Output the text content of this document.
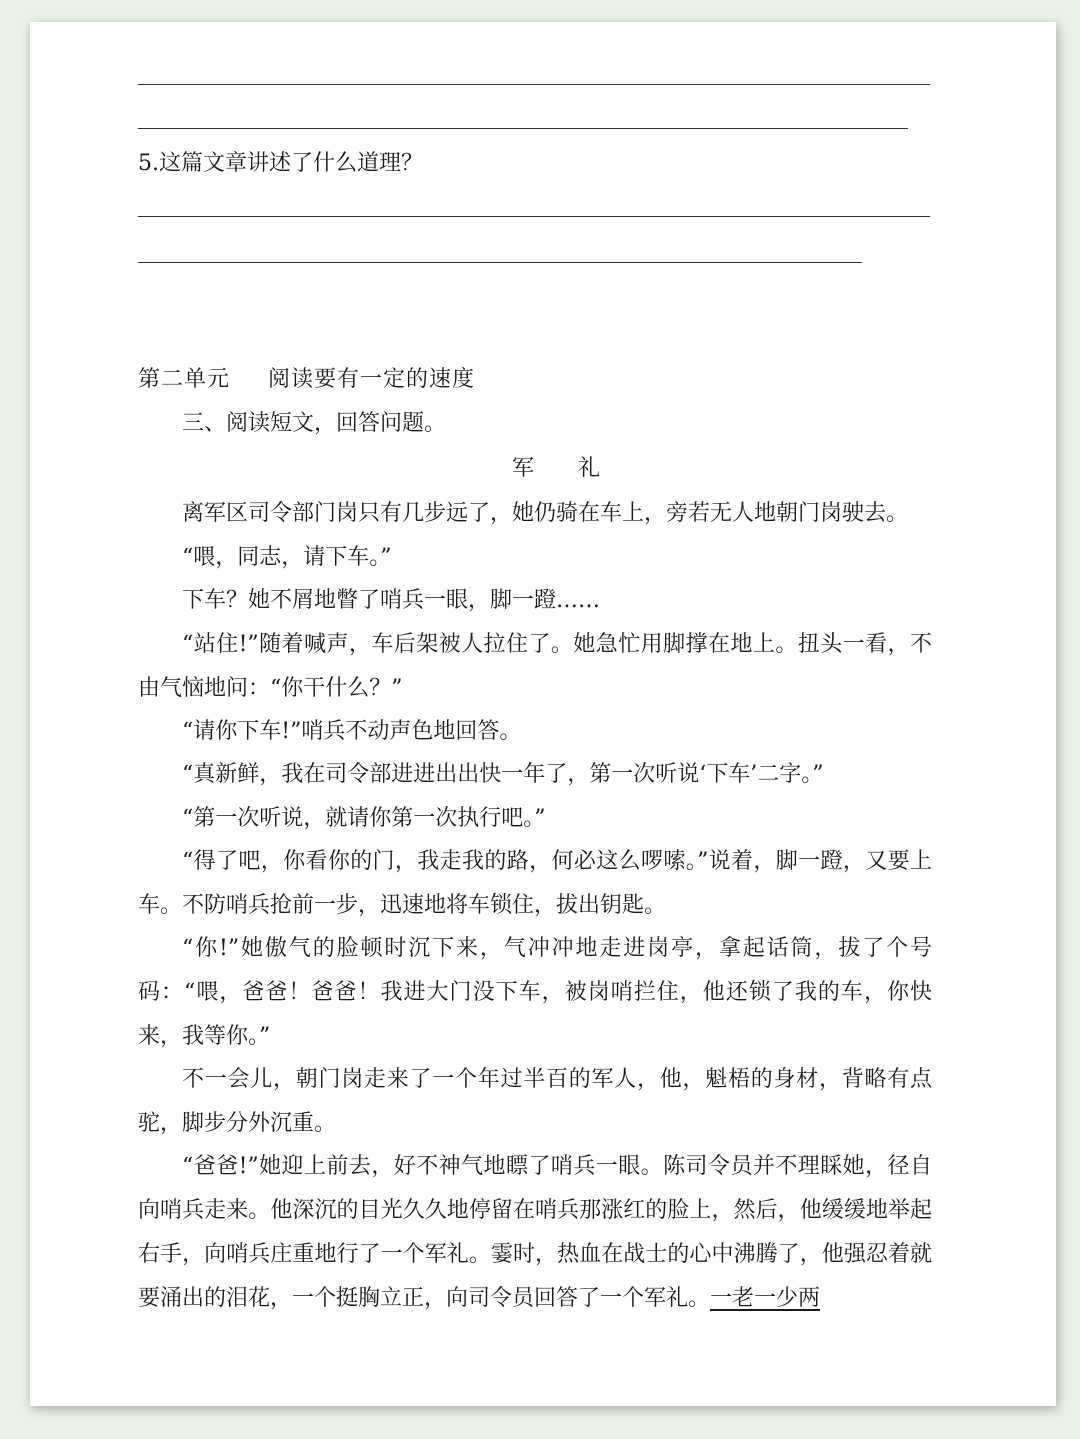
5.这篇文章讲述了什么道理？
第二单元 阅读要有一定的速度
三、阅读短文，回答问题。
军 礼
离军区司令部门岗只有几步远了，她仍骑在车上，旁若无人地朝门岗驶去。
“喂，同志，请下车。”
下车？她不屑地瞥了哨兵一眼，脚一蹬……
“站住!”随着喊声，车后架被人拉住了。她急忙用脚撑在地上。扭头一看，不由气恼地问：“你干什么？”
“请你下车!”哨兵不动声色地回答。
“真新鲜，我在司令部进进出出快一年了，第一次听说‘下车’二字。”
“第一次听说，就请你第一次执行吧。”
“得了吧，你看你的门，我走我的路，何必这么啰嗦。”说着，脚一蹬，又要上车。不防哨兵抢前一步，迅速地将车锁住，拔出钥匙。
“你!”她傲气的脸顿时沉下来，气冲冲地走进岗亭，拿起话筒，拔了个号码：“喂，爸爸！爸爸！我进大门没下车，被岗哨拦住，他还锁了我的车，你快来，我等你。”
不一会儿，朝门岗走来了一个年过半百的军人，他，魁梧的身材，背略有点驼，脚步分外沉重。
“爸爸!”她迎上前去，好不神气地瞟了哨兵一眼。陈司令员并不理睬她，径自向哨兵走来。他深沉的目光久久地停留在哨兵那涨红的脸上，然后，他缓缓地举起右手，向哨兵庄重地行了一个军礼。霎时，热血在战士的心中沸腾了，他强忍着就要涌出的泪花，一个挺胸立正，向司令员回答了一个军礼。一老一少两
